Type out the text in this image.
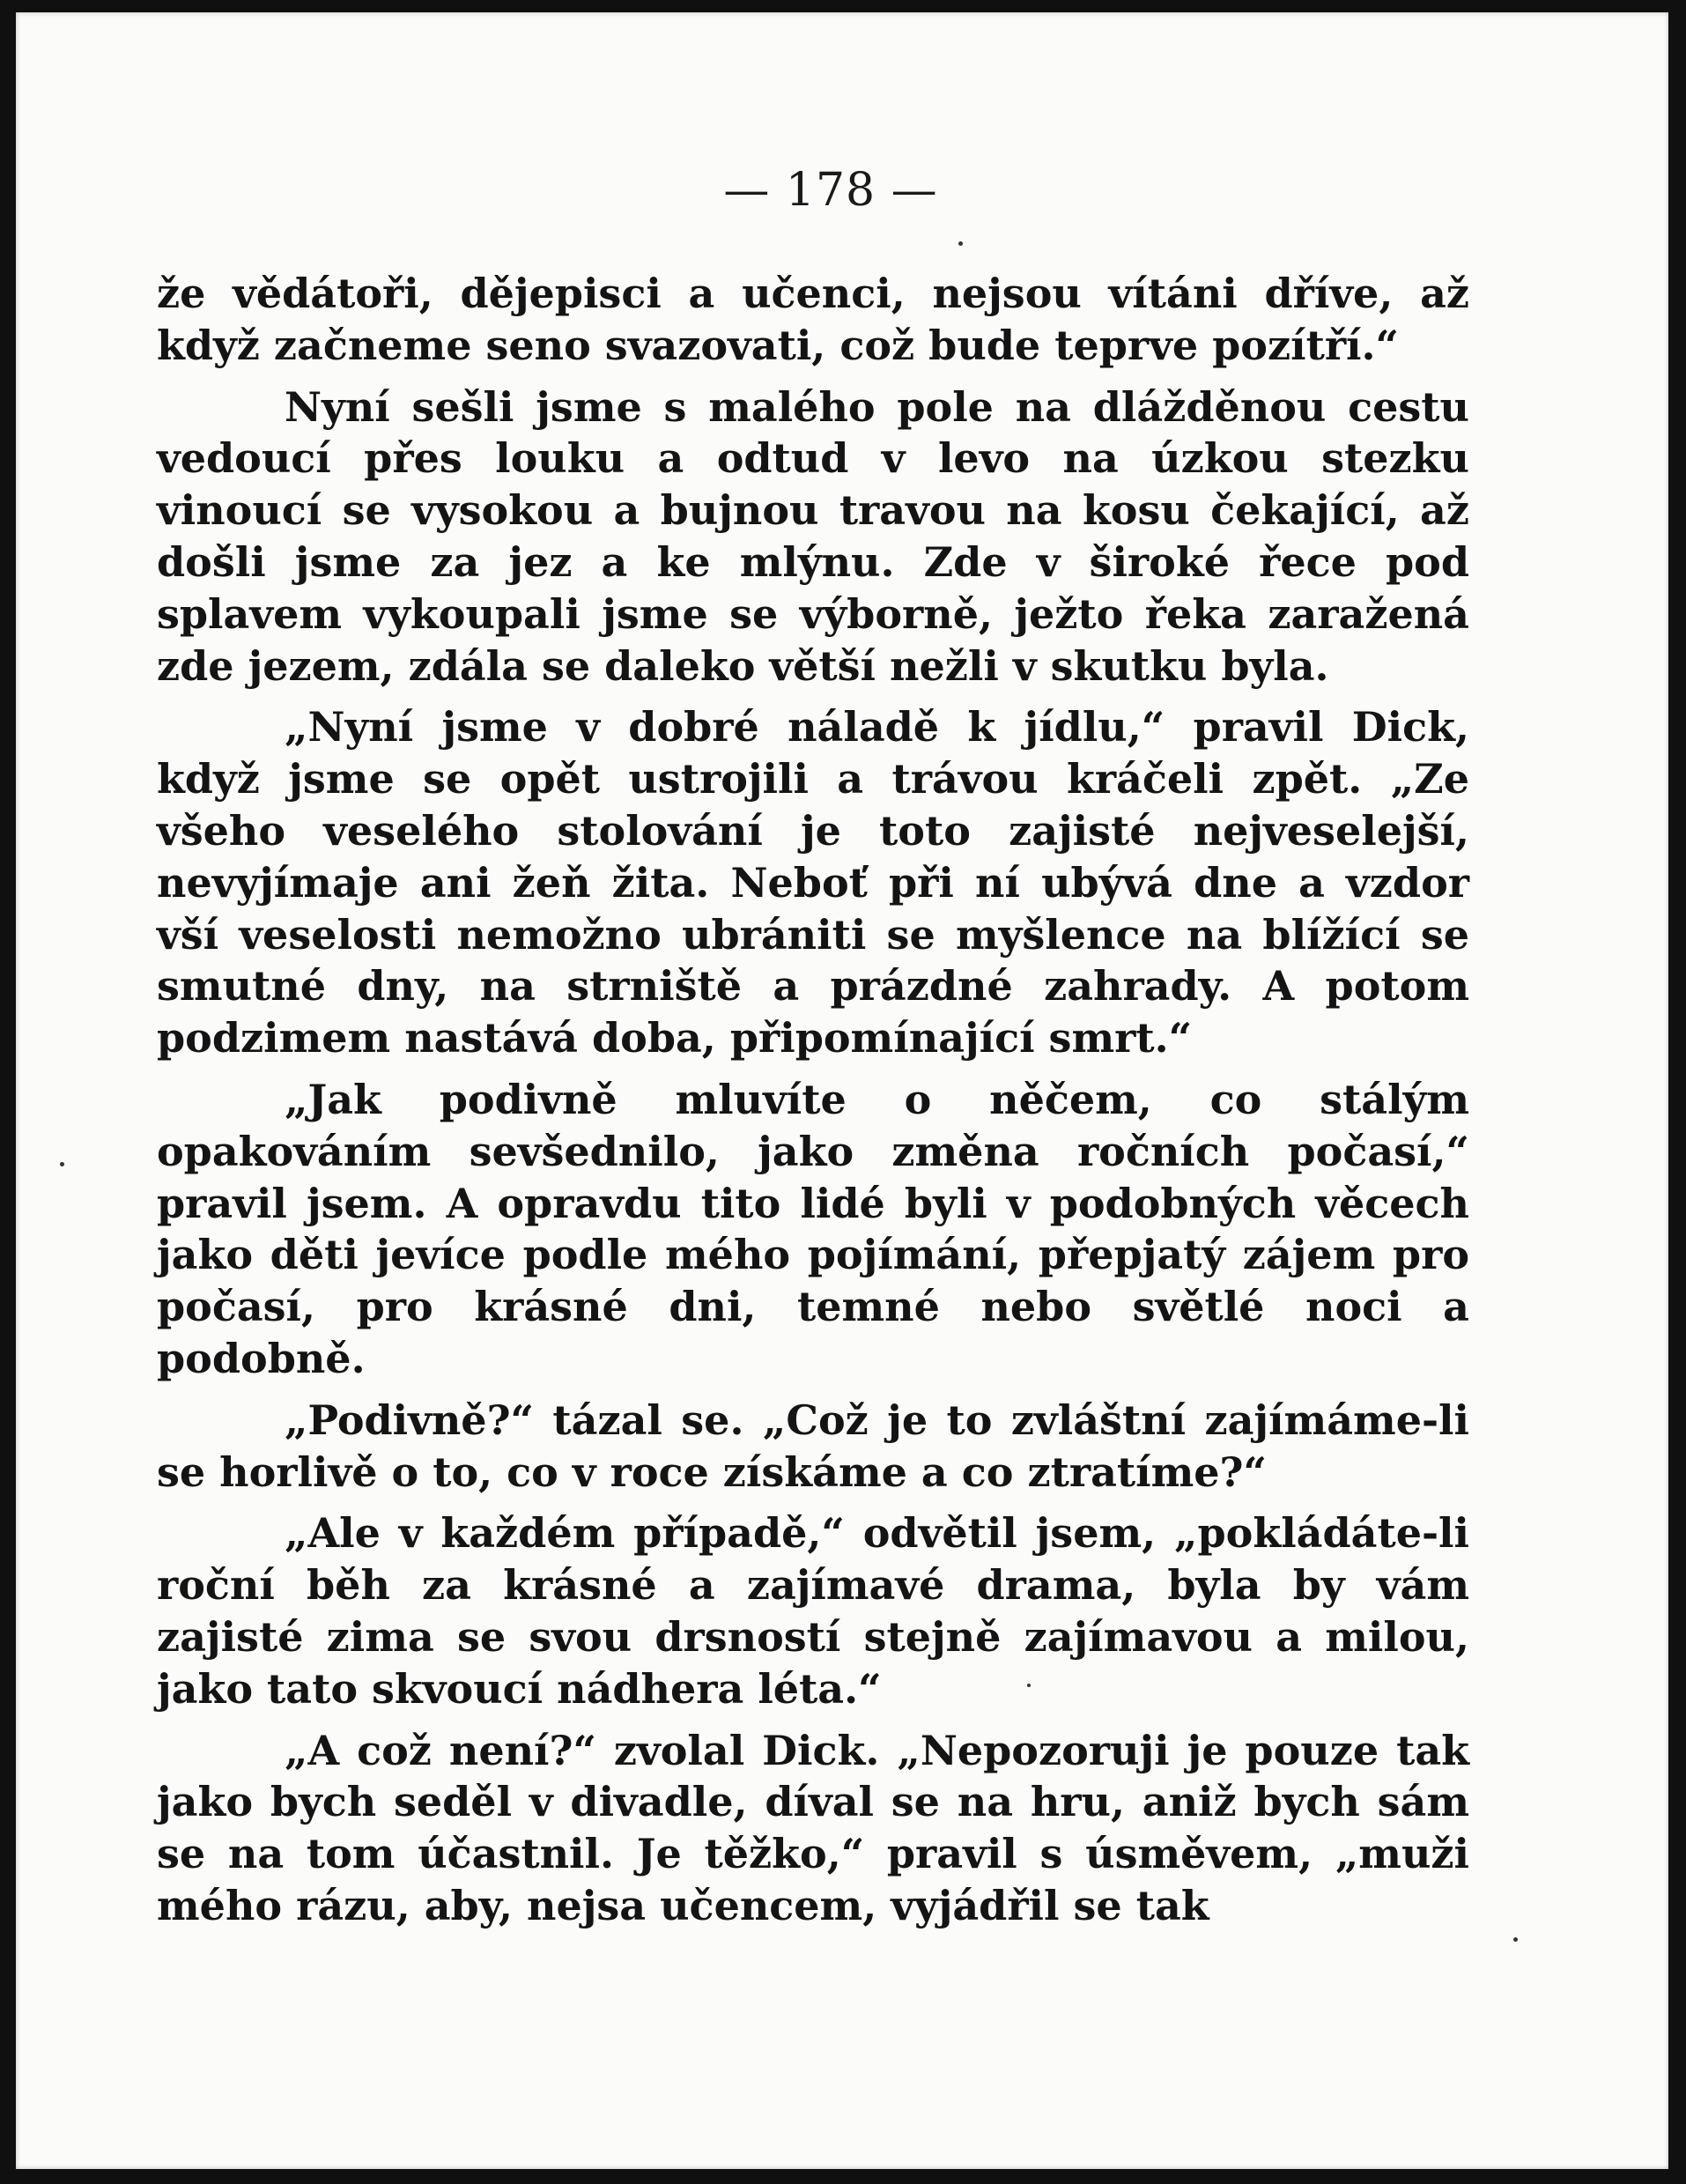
— 178 —

že vědátoři, dějepisci a učenci, nejsou vítáni dříve, až když začneme seno svazovati, což bude teprve pozítří.“

Nyní sešli jsme s malého pole na dlážděnou cestu vedoucí přes louku a odtud v levo na úzkou stezku vinoucí se vysokou a bujnou travou na kosu čekající, až došli jsme za jez a ke mlýnu. Zde v široké řece pod splavem vykoupali jsme se výborně, ježto řeka zaražená zde jezem, zdála se daleko větší nežli v skutku byla.

„Nyní jsme v dobré náladě k jídlu,“ pravil Dick, když jsme se opět ustrojili a trávou kráčeli zpět. „Ze všeho veselého stolování je toto zajisté nejveselejší, nevyjímaje ani žeň žita. Neboť při ní ubývá dne a vzdor vší veselosti nemožno ubrániti se myšlence na blížící se smutné dny, na strniště a prázdné zahrady. A potom podzimem nastává doba, připomínající smrt.“

„Jak podivně mluvíte o něčem, co stálým opakováním sevšednilo, jako změna ročních počasí,“ pravil jsem. A opravdu tito lidé byli v podobných věcech jako děti jevíce podle mého pojímání, přepjatý zájem pro počasí, pro krásné dni, temné nebo světlé noci a podobně.

„Podivně?“ tázal se. „Což je to zvláštní zajímáme-li se horlivě o to, co v roce získáme a co ztratíme?“

„Ale v každém případě,“ odvětil jsem, „pokládáte-li roční běh za krásné a zajímavé drama, byla by vám zajisté zima se svou drsností stejně zajímavou a milou, jako tato skvoucí nádhera léta.“

„A což není?“ zvolal Dick. „Nepozoruji je pouze tak jako bych seděl v divadle, díval se na hru, aniž bych sám se na tom účastnil. Je těžko,“ pravil s úsměvem, „muži mého rázu, aby, nejsa učencem, vyjádřil se tak
